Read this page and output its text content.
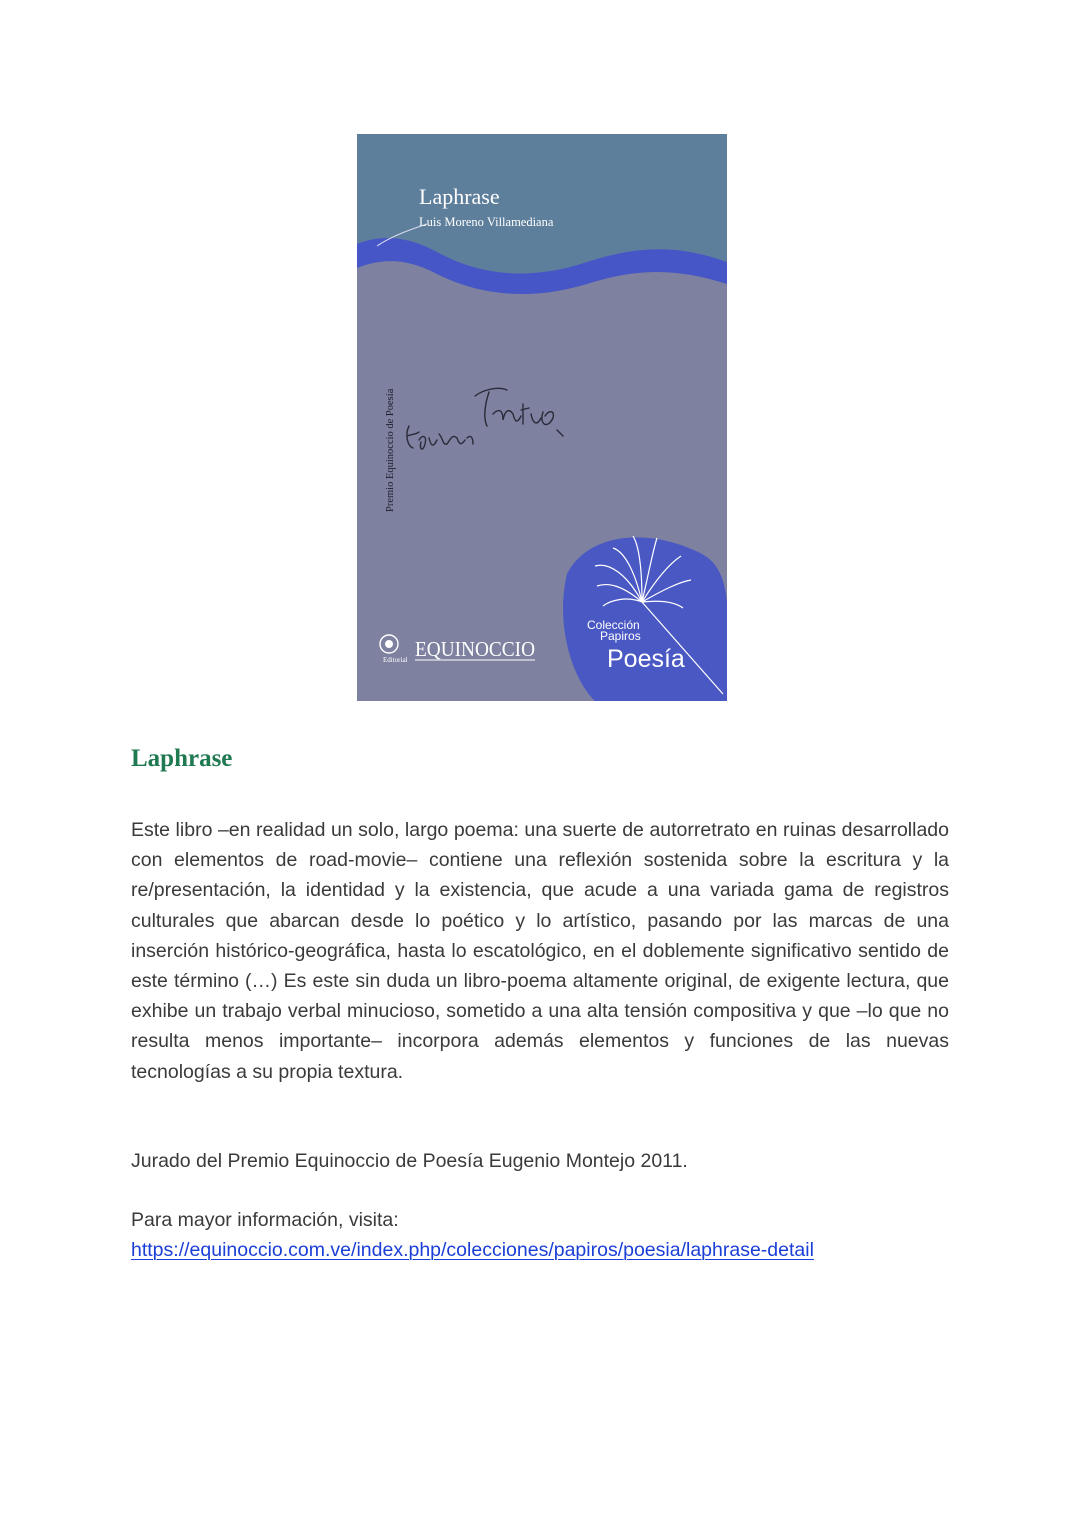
Laphrase
Luis Moreno Villamediana
Premio Equinoccio de Poesía
Colección
Papiros
Poesía
Editorial EQUINOCCIO
Laphrase

Este libro –en realidad un solo, largo poema: una suerte de autorretrato en ruinas desarrollado con elementos de road-movie– contiene una reflexión sostenida sobre la escritura y la re/presentación, la identidad y la existencia, que acude a una variada gama de registros culturales que abarcan desde lo poético y lo artístico, pasando por las marcas de una inserción histórico-geográfica, hasta lo escatológico, en el doblemente significativo sentido de este término (…) Es este sin duda un libro-poema altamente original, de exigente lectura, que exhibe un trabajo verbal minucioso, sometido a una alta tensión compositiva y que –lo que no resulta menos importante– incorpora además elementos y funciones de las nuevas tecnologías a su propia textura.

Jurado del Premio Equinoccio de Poesía Eugenio Montejo 2011.

Para mayor información, visita:
https://equinoccio.com.ve/index.php/colecciones/papiros/poesia/laphrase-detail
